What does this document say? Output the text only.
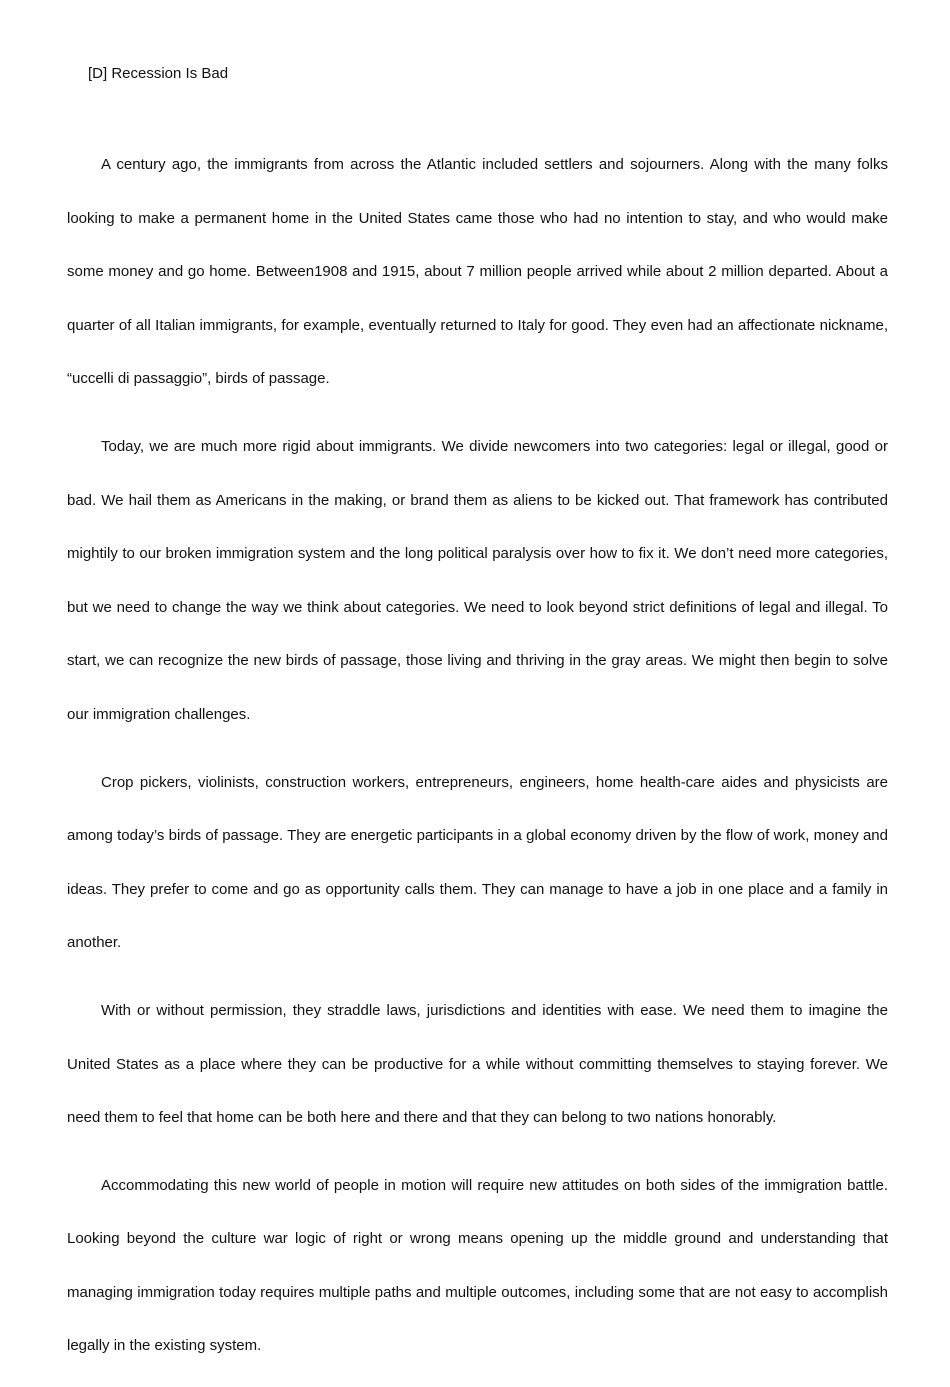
[D] Recession Is Bad

A century ago, the immigrants from across the Atlantic included settlers and sojourners. Along with the many folks looking to make a permanent home in the United States came those who had no intention to stay, and who would make some money and go home. Between1908 and 1915, about 7 million people arrived while about 2 million departed. About a quarter of all Italian immigrants, for example, eventually returned to Italy for good. They even had an affectionate nickname, “uccelli di passaggio”, birds of passage.

Today, we are much more rigid about immigrants. We divide newcomers into two categories: legal or illegal, good or bad. We hail them as Americans in the making, or brand them as aliens to be kicked out. That framework has contributed mightily to our broken immigration system and the long political paralysis over how to fix it. We don’t need more categories, but we need to change the way we think about categories. We need to look beyond strict definitions of legal and illegal. To start, we can recognize the new birds of passage, those living and thriving in the gray areas. We might then begin to solve our immigration challenges.

Crop pickers, violinists, construction workers, entrepreneurs, engineers, home health-care aides and physicists are among today’s birds of passage. They are energetic participants in a global economy driven by the flow of work, money and ideas. They prefer to come and go as opportunity calls them. They can manage to have a job in one place and a family in another.

With or without permission, they straddle laws, jurisdictions and identities with ease. We need them to imagine the United States as a place where they can be productive for a while without committing themselves to staying forever. We need them to feel that home can be both here and there and that they can belong to two nations honorably.

Accommodating this new world of people in motion will require new attitudes on both sides of the immigration battle. Looking beyond the culture war logic of right or wrong means opening up the middle ground and understanding that managing immigration today requires multiple paths and multiple outcomes, including some that are not easy to accomplish legally in the existing system.
